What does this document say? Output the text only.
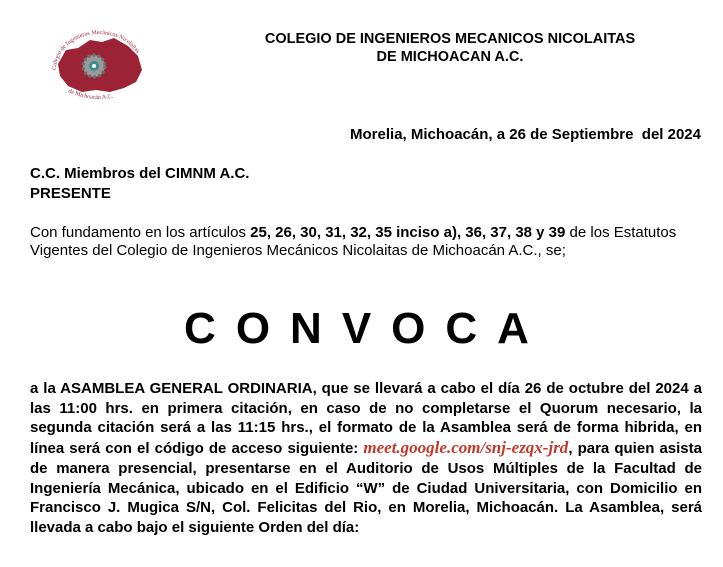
Colegio de Ingenieros Mecánicos Nicolaitas
de Michoacán A.C.
COLEGIO DE INGENIEROS MECANICOS NICOLAITAS
DE MICHOACAN A.C.
Morelia, Michoacán, a 26 de Septiembre  del 2024
C.C. Miembros del CIMNM A.C.
PRESENTE
Con fundamento en los artículos 25, 26, 30, 31, 32, 35 inciso a), 36, 37, 38 y 39 de los Estatutos Vigentes del Colegio de Ingenieros Mecánicos Nicolaitas de Michoacán A.C., se;
CONVOCA
a la ASAMBLEA GENERAL ORDINARIA, que se llevará a cabo el día 26 de octubre del 2024 a las 11:00 hrs. en primera citación, en caso de no completarse el Quorum necesario, la segunda citación será a las 11:15 hrs., el formato de la Asamblea será de forma hibrida, en línea será con el código de acceso siguiente: meet.google.com/snj-ezqx-jrd, para quien asista de manera presencial, presentarse en el Auditorio de Usos Múltiples de la Facultad de Ingeniería Mecánica, ubicado en el Edificio “W” de Ciudad Universitaria, con Domicilio en Francisco J. Mugica S/N, Col. Felicitas del Rio, en Morelia, Michoacán. La Asamblea, será llevada a cabo bajo el siguiente Orden del día:
